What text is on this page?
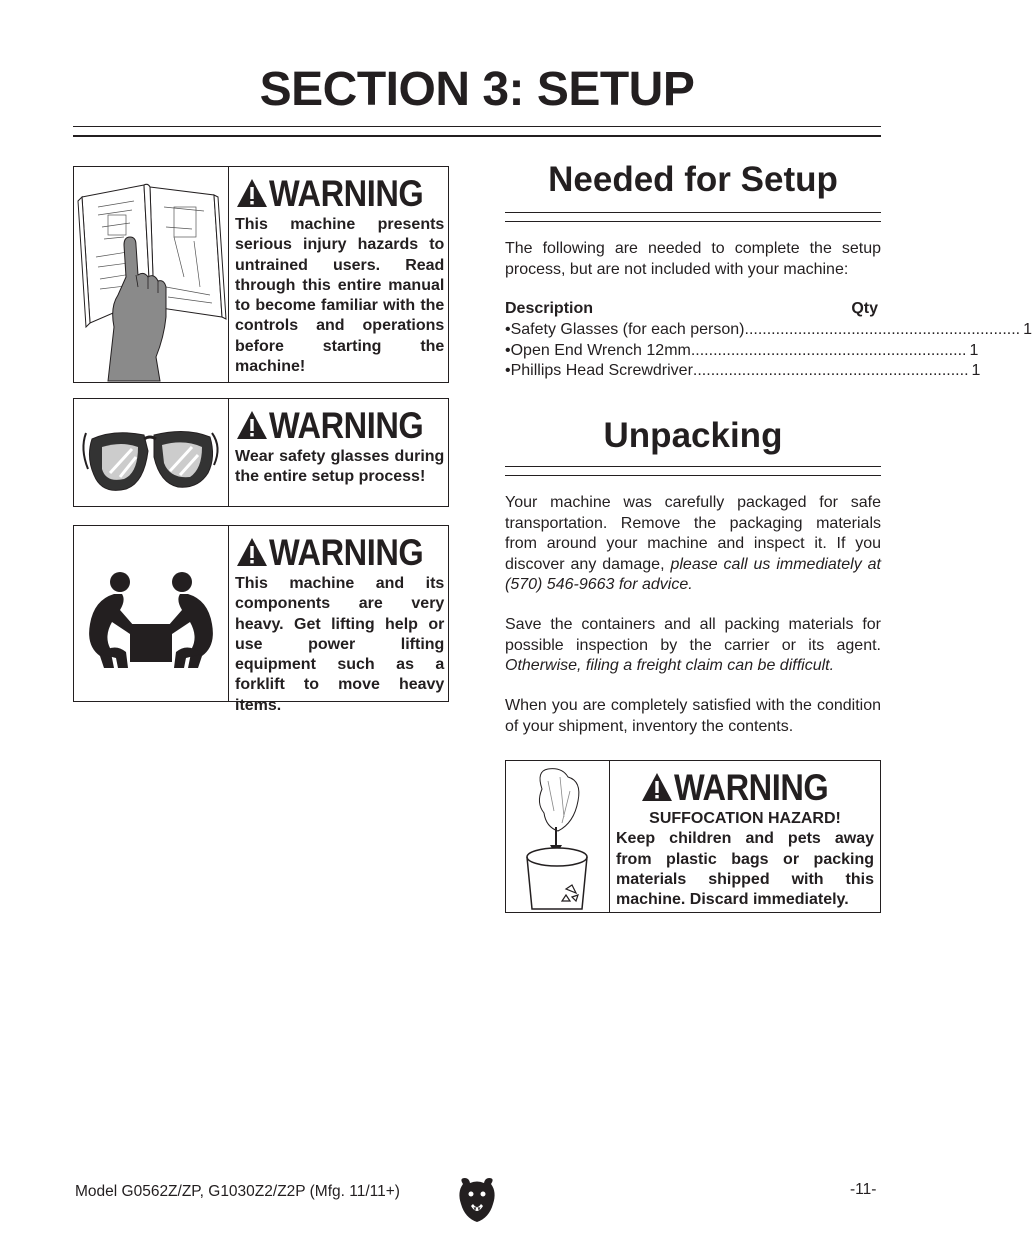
SECTION 3: SETUP
WARNING
This machine presents serious injury hazards to untrained users. Read through this entire manual to become familiar with the controls and operations before starting the machine!
WARNING
Wear safety glasses during the entire setup process!
WARNING
This machine and its components are very heavy. Get lifting help or use power lifting equipment such as a forklift to move heavy items.
Needed for Setup
The following are needed to complete the setup process, but are not included with your machine:
Description	Qty
• Safety Glasses (for each person) .............................................................. 1
• Open End Wrench 12mm .............................................................. 1
• Phillips Head Screwdriver .............................................................. 1
Unpacking
Your machine was carefully packaged for safe transportation. Remove the packaging materials from around your machine and inspect it. If you discover any damage, please call us immediately at (570) 546-9663 for advice.
Save the containers and all packing materials for possible inspection by the carrier or its agent. Otherwise, filing a freight claim can be difficult.
When you are completely satisfied with the condition of your shipment, inventory the contents.
WARNING
SUFFOCATION HAZARD!
Keep children and pets away from plastic bags or packing materials shipped with this machine. Discard immediately.
Model G0562Z/ZP, G1030Z2/Z2P (Mfg. 11/11+)	-11-
